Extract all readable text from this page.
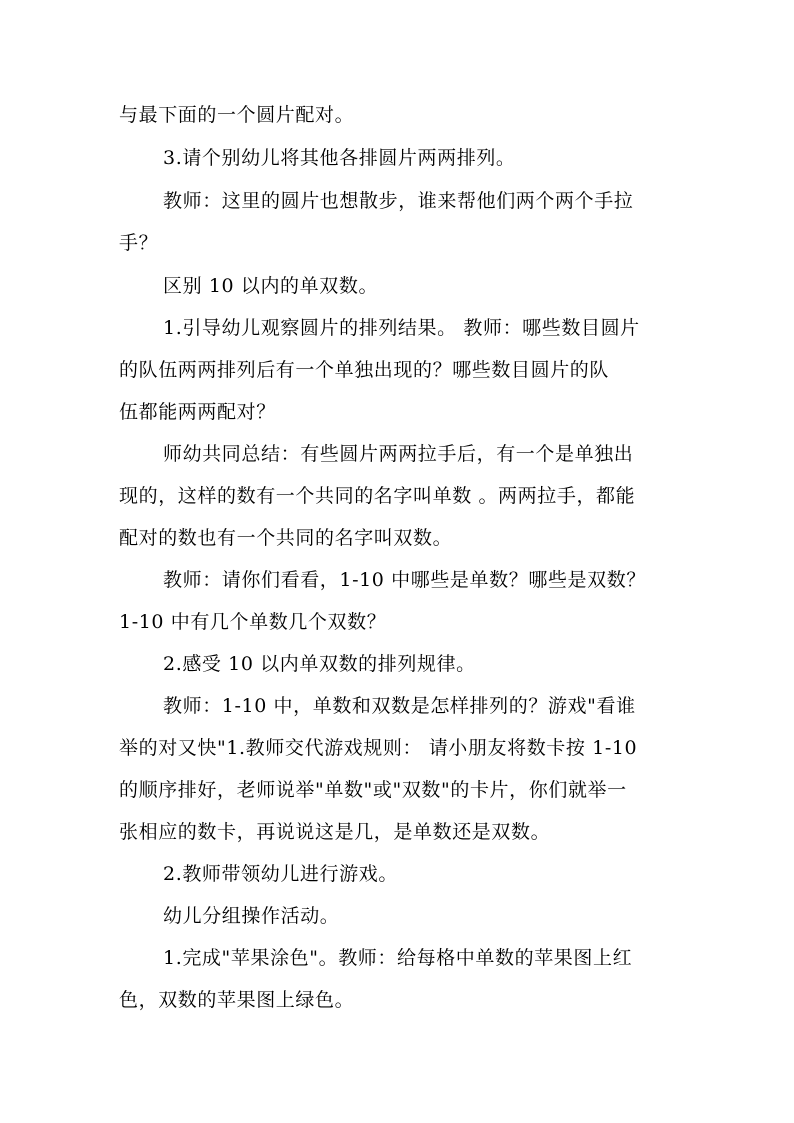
与最下面的一个圆片配对。
3.请个别幼儿将其他各排圆片两两排列。
教师：这里的圆片也想散步，谁来帮他们两个两个手拉
手？
区别 10 以内的单双数。
1.引导幼儿观察圆片的排列结果。 教师：哪些数目圆片
的队伍两两排列后有一个单独出现的？哪些数目圆片的队
伍都能两两配对？
师幼共同总结：有些圆片两两拉手后，有一个是单独出
现的，这样的数有一个共同的名字叫单数 。两两拉手，都能
配对的数也有一个共同的名字叫双数。
教师：请你们看看，1-10 中哪些是单数？哪些是双数？
1-10 中有几个单数几个双数？
2.感受 10 以内单双数的排列规律。
教师：1-10 中，单数和双数是怎样排列的？游戏"看谁
举的对又快"1.教师交代游戏规则： 请小朋友将数卡按 1-10
的顺序排好，老师说举"单数"或"双数"的卡片，你们就举一
张相应的数卡，再说说这是几，是单数还是双数。
2.教师带领幼儿进行游戏。
幼儿分组操作活动。
1.完成"苹果涂色"。教师：给每格中单数的苹果图上红
色，双数的苹果图上绿色。
